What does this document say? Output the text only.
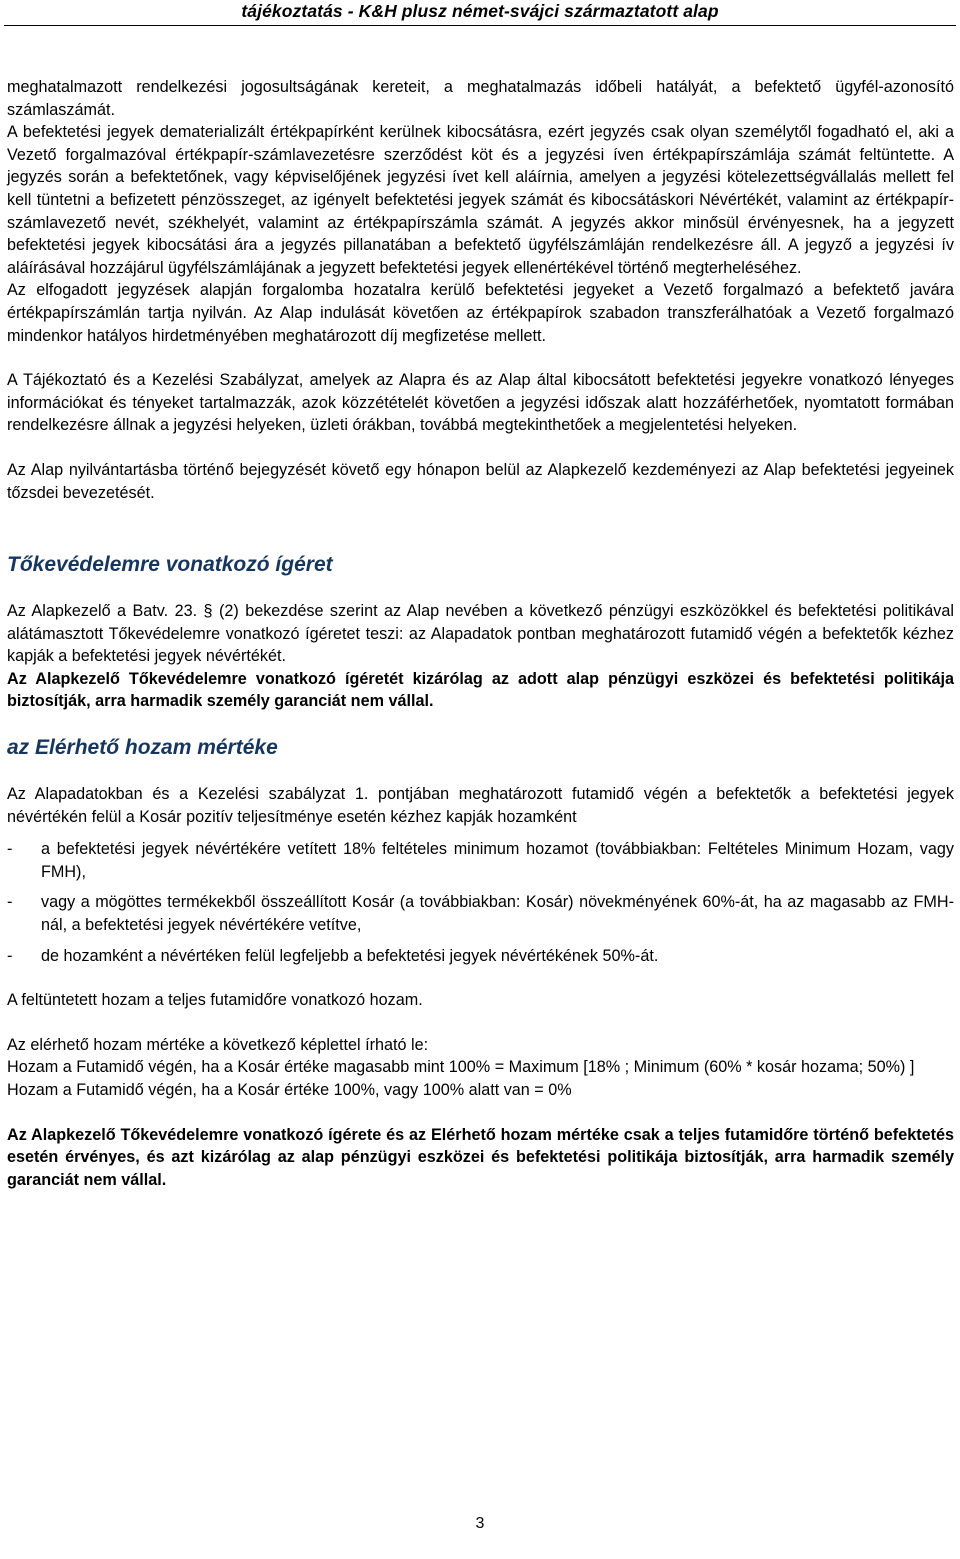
tájékoztatás - K&H plusz német-svájci származtatott alap

meghatalmazott rendelkezési jogosultságának kereteit, a meghatalmazás időbeli hatályát, a befektető ügyfél-azonosító számlaszámát.

A befektetési jegyek dematerializált értékpapírként kerülnek kibocsátásra, ezért jegyzés csak olyan személytől fogadható el, aki a Vezető forgalmazóval értékpapír-számlavezetésre szerződést köt és a jegyzési íven értékpapírszámlája számát feltüntette. A jegyzés során a befektetőnek, vagy képviselőjének jegyzési ívet kell aláírnia, amelyen a jegyzési kötelezettségvállalás mellett fel kell tüntetni a befizetett pénzösszeget, az igényelt befektetési jegyek számát és kibocsátáskori Névértékét, valamint az értékpapír-számlavezető nevét, székhelyét, valamint az értékpapírszámla számát. A jegyzés akkor minősül érvényesnek, ha a jegyzett befektetési jegyek kibocsátási ára a jegyzés pillanatában a befektető ügyfélszámláján rendelkezésre áll. A jegyző a jegyzési ív aláírásával hozzájárul ügyfélszámlájának a jegyzett befektetési jegyek ellenértékével történő megterheléséhez.

Az elfogadott jegyzések alapján forgalomba hozatalra kerülő befektetési jegyeket a Vezető forgalmazó a befektető javára értékpapírszámlán tartja nyilván. Az Alap indulását követően az értékpapírok szabadon transzferálhatóak a Vezető forgalmazó mindenkor hatályos hirdetményében meghatározott díj megfizetése mellett.

A Tájékoztató és a Kezelési Szabályzat, amelyek az Alapra és az Alap által kibocsátott befektetési jegyekre vonatkozó lényeges információkat és tényeket tartalmazzák, azok közzétételét követően a jegyzési időszak alatt hozzáférhetőek, nyomtatott formában rendelkezésre állnak a jegyzési helyeken, üzleti órákban, továbbá megtekinthetőek a megjelentetési helyeken.

Az Alap nyilvántartásba történő bejegyzését követő egy hónapon belül az Alapkezelő kezdeményezi az Alap befektetési jegyeinek tőzsdei bevezetését.

Tőkevédelemre vonatkozó ígéret

Az Alapkezelő a Batv. 23. § (2) bekezdése szerint az Alap nevében a következő pénzügyi eszközökkel és befektetési politikával alátámasztott Tőkevédelemre vonatkozó ígéretet teszi: az Alapadatok pontban meghatározott futamidő végén a befektetők kézhez kapják a befektetési jegyek névértékét.

Az Alapkezelő Tőkevédelemre vonatkozó ígéretét kizárólag az adott alap pénzügyi eszközei és befektetési politikája biztosítják, arra harmadik személy garanciát nem vállal.

az Elérhető hozam mértéke

Az Alapadatokban és a Kezelési szabályzat 1. pontjában meghatározott futamidő végén a befektetők a befektetési jegyek névértékén felül a Kosár pozitív teljesítménye esetén kézhez kapják hozamként

- a befektetési jegyek névértékére vetített 18% feltételes minimum hozamot (továbbiakban: Feltételes Minimum Hozam, vagy FMH),

- vagy a mögöttes termékekből összeállított Kosár (a továbbiakban: Kosár) növekményének 60%-át, ha az magasabb az FMH-nál, a befektetési jegyek névértékére vetítve,

- de hozamként a névértéken felül legfeljebb a befektetési jegyek névértékének 50%-át.

A feltüntetett hozam a teljes futamidőre vonatkozó hozam.

Az elérhető hozam mértéke a következő képlettel írható le:

Hozam a Futamidő végén, ha a Kosár értéke magasabb mint 100% = Maximum [18% ; Minimum (60% * kosár hozama; 50%) ]

Hozam a Futamidő végén, ha a Kosár értéke 100%, vagy 100% alatt van = 0%

Az Alapkezelő Tőkevédelemre vonatkozó ígérete és az Elérhető hozam mértéke csak a teljes futamidőre történő befektetés esetén érvényes, és azt kizárólag az alap pénzügyi eszközei és befektetési politikája biztosítják, arra harmadik személy garanciát nem vállal.

3
